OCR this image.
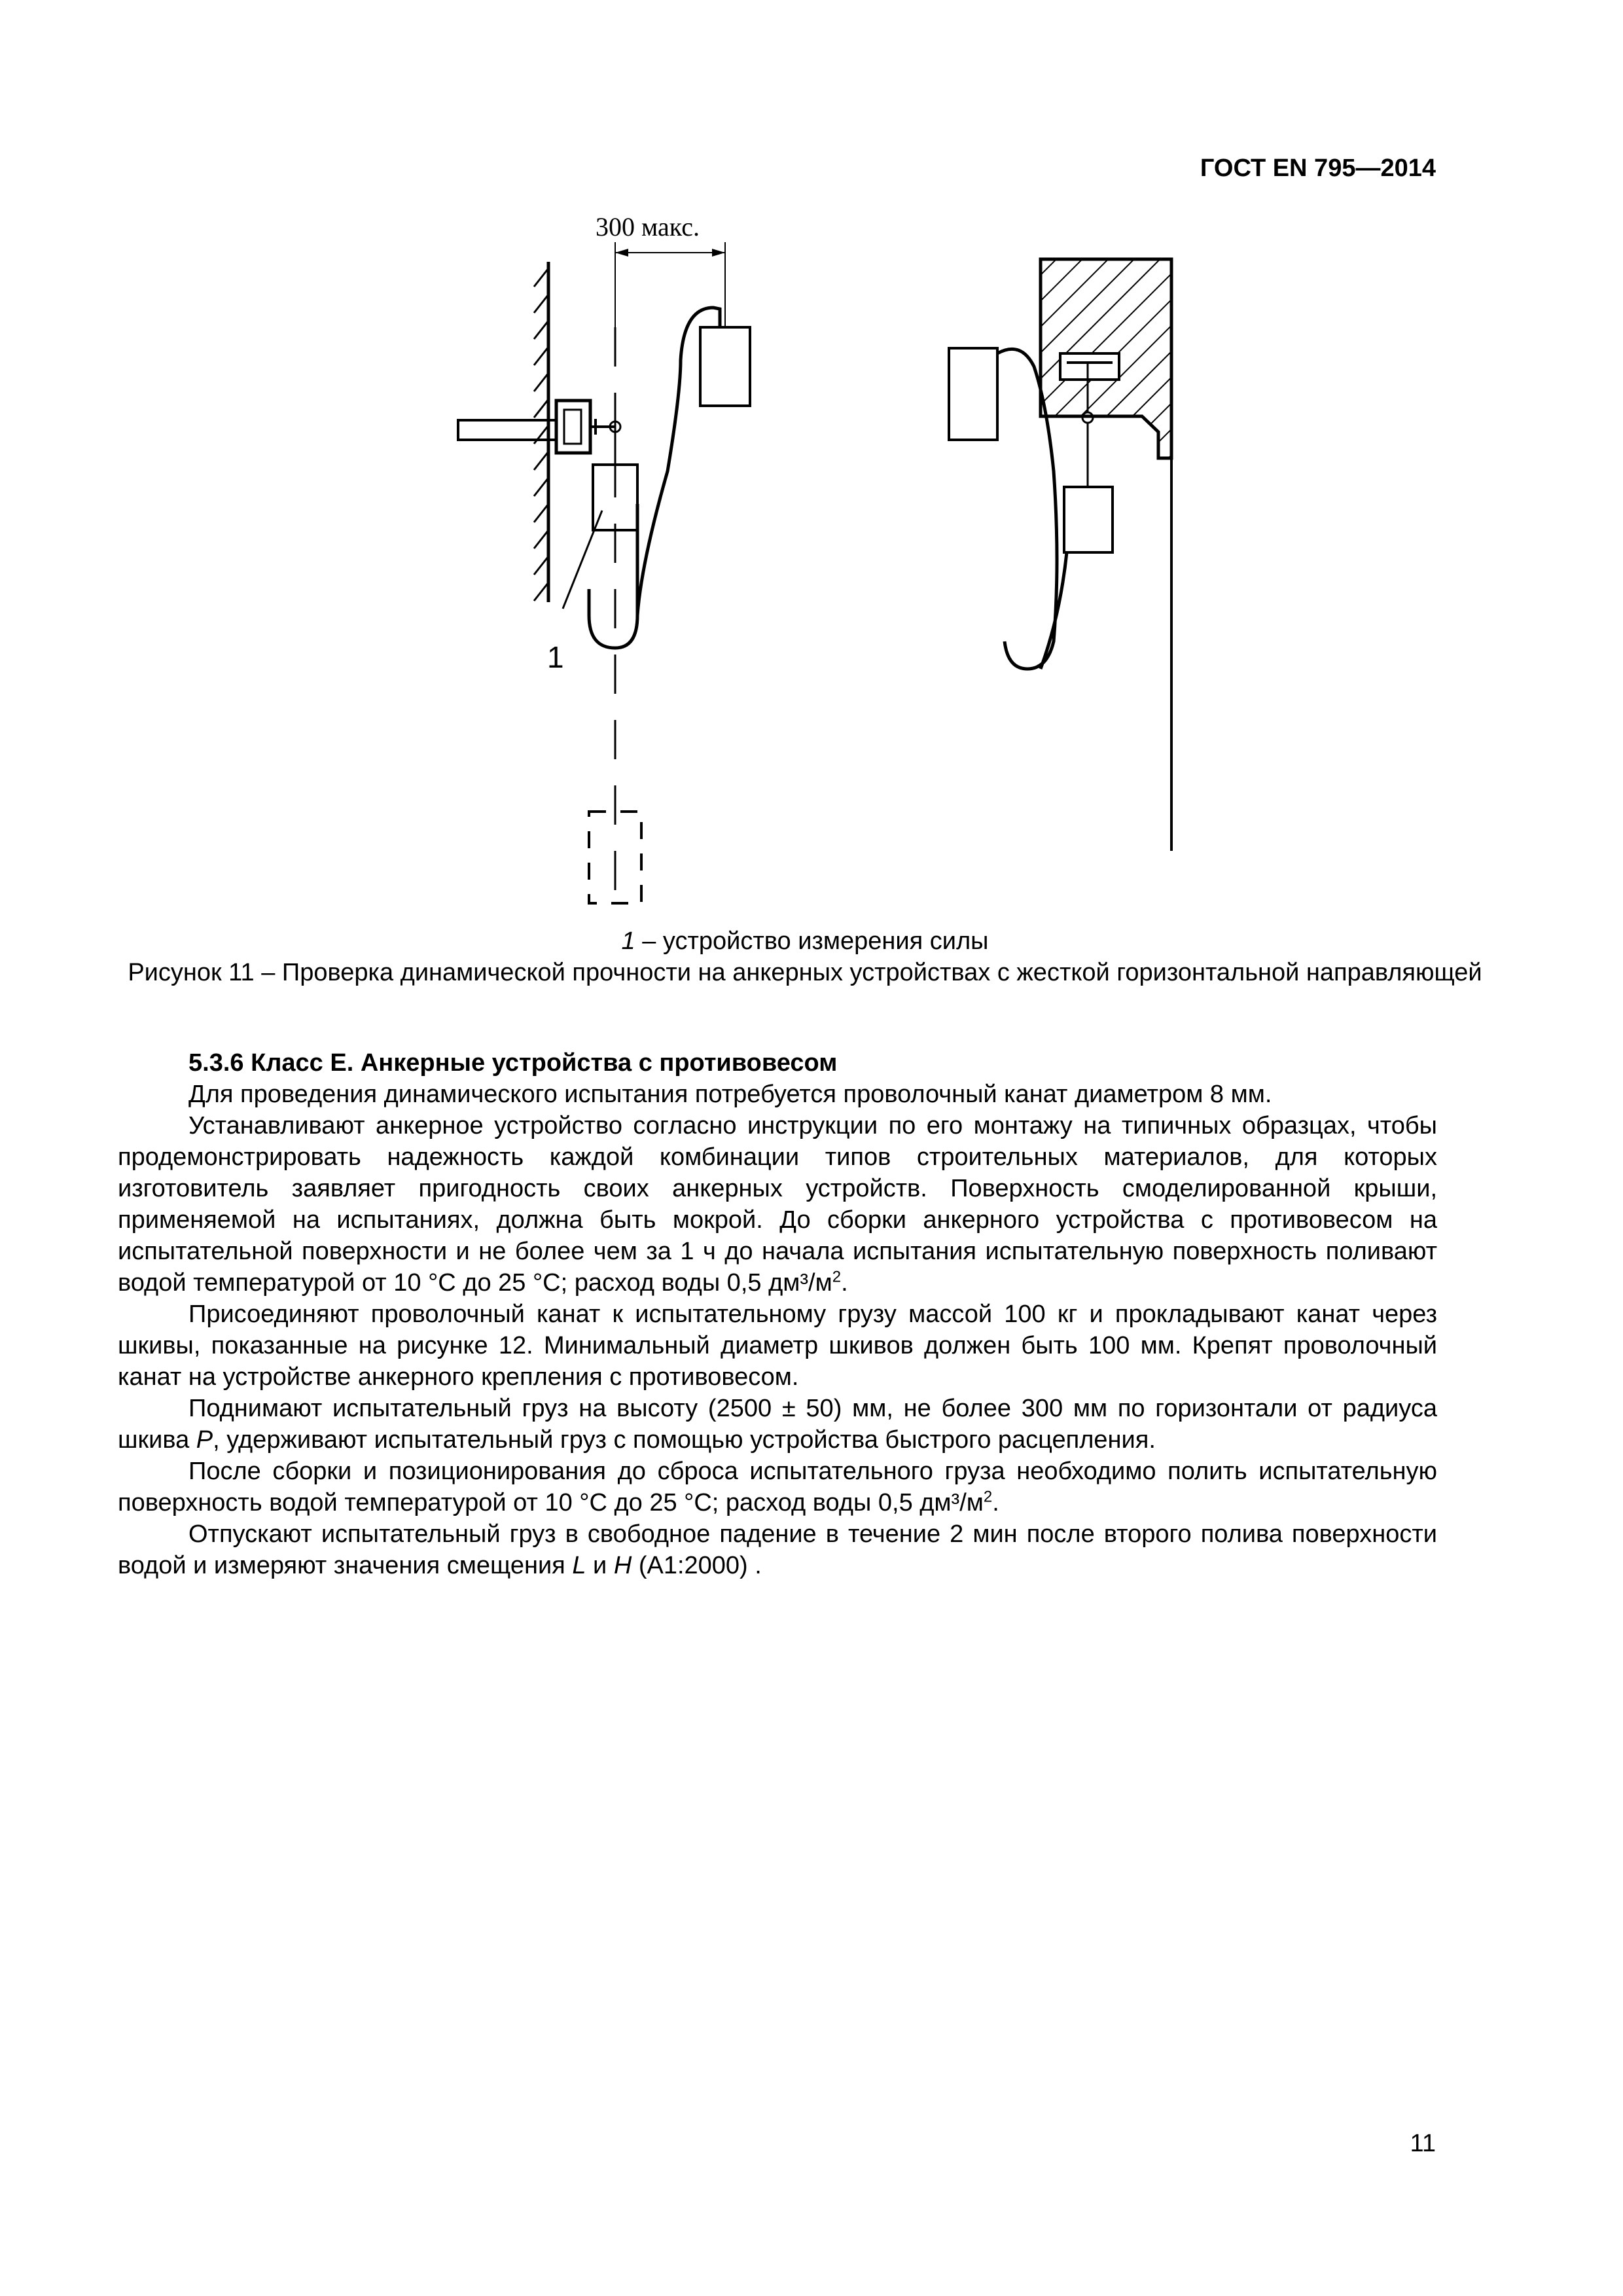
ГОСТ EN 795—2014
300 макс.
1
1 – устройство измерения силы
Рисунок 11 – Проверка динамической прочности на анкерных устройствах с жесткой горизонтальной направляющей
5.3.6 Класс E. Анкерные устройства с противовесом

Для проведения динамического испытания потребуется проволочный канат диаметром 8 мм.

Устанавливают анкерное устройство согласно инструкции по его монтажу на типичных образцах, чтобы продемонстрировать надежность каждой комбинации типов строительных материалов, для которых изготовитель заявляет пригодность своих анкерных устройств. Поверхность смоделированной крыши, применяемой на испытаниях, должна быть мокрой. До сборки анкерного устройства с противовесом на испытательной поверхности и не более чем за 1 ч до начала испытания испытательную поверхность поливают водой температурой от 10 °С до 25 °С; расход воды 0,5 дм³/$м^2$.

Присоединяют проволочный канат к испытательному грузу массой 100 кг и прокладывают канат через шкивы, показанные на рисунке 12. Минимальный диаметр шкивов должен быть 100 мм. Крепят проволочный канат на устройстве анкерного крепления с противовесом.

Поднимают испытательный груз на высоту (2500 ± 50) мм, не более 300 мм по горизонтали от радиуса шкива P, удерживают испытательный груз с помощью устройства быстрого расцепления.

После сборки и позиционирования до сброса испытательного груза необходимо полить испытательную поверхность водой температурой от 10 °С до 25 °С; расход воды 0,5 дм³/$м^2$.

Отпускают испытательный груз в свободное падение в течение 2 мин после второго полива поверхности водой и измеряют значения смещения L и H (А1:2000) .

11
